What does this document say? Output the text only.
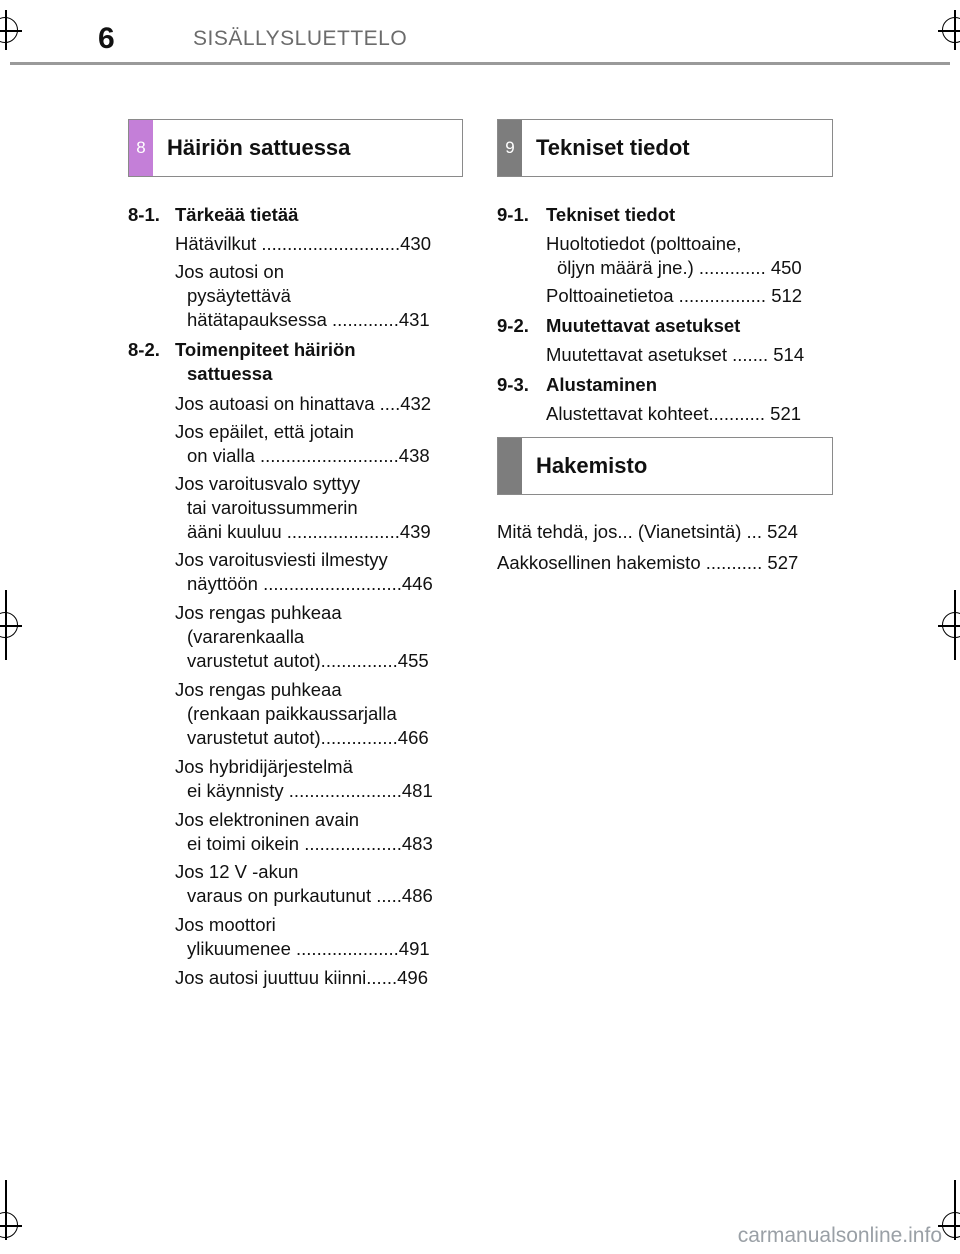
6	SISÄLLYSLUETTELO
8 Häiriön sattuessa	9 Tekniset tiedot
Hakemisto
8-1. Tärkeää tietää
Hätävilkut ...........................430
Jos autosi on
pysäytettävä
hätätapauksessa .............431
8-2. Toimenpiteet häiriön
sattuessa
Jos autoasi on hinattava ....432
Jos epäilet, että jotain
on vialla ...........................438
Jos varoitusvalo syttyy
tai varoitussummerin
ääni kuuluu ......................439
Jos varoitusviesti ilmestyy
näyttöön ...........................446
Jos rengas puhkeaa
(vararenkaalla
varustetut autot)...............455
Jos rengas puhkeaa
(renkaan paikkaussarjalla
varustetut autot)...............466
Jos hybridijärjestelmä
ei käynnisty ......................481
Jos elektroninen avain
ei toimi oikein ...................483
Jos 12 V -akun
varaus on purkautunut .....486
Jos moottori
ylikuumenee ....................491
Jos autosi juuttuu kiinni......496
9-1. Tekniset tiedot
Huoltotiedot (polttoaine,
öljyn määrä jne.) ............. 450
Polttoainetietoa ................. 512
9-2. Muutettavat asetukset
Muutettavat asetukset ....... 514
9-3. Alustaminen
Alustettavat kohteet........... 521
Mitä tehdä, jos... (Vianetsintä) ... 524
Aakkosellinen hakemisto ........... 527
carmanualsonline.info
